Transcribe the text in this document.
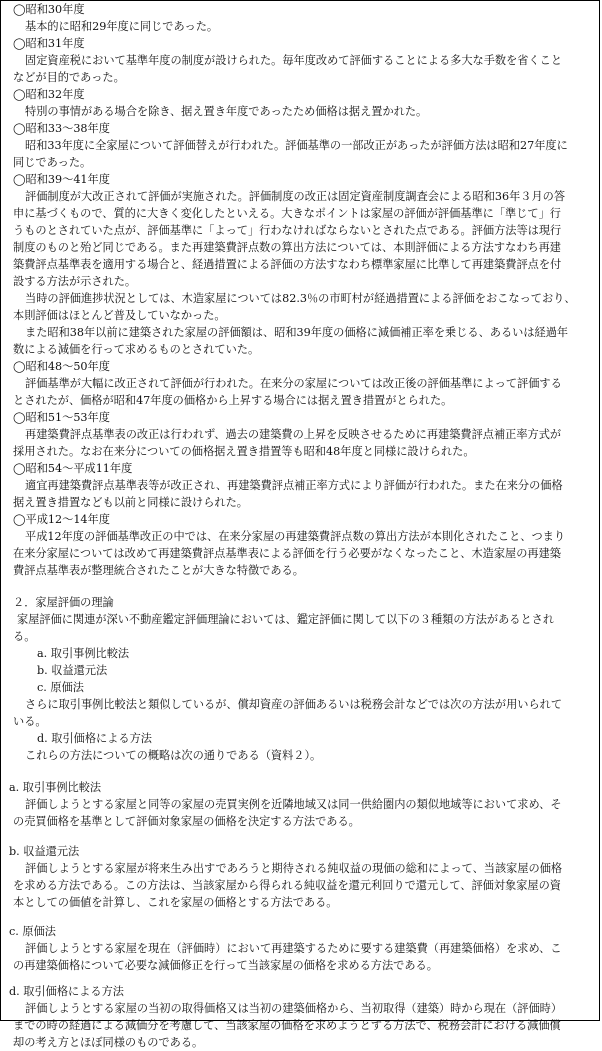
◯昭和30年度
基本的に昭和29年度に同じであった。
◯昭和31年度
固定資産税において基準年度の制度が設けられた。毎年度改めて評価することによる多大な手数を省くこと
などが目的であった。
◯昭和32年度
特別の事情がある場合を除き、据え置き年度であったため価格は据え置かれた。
◯昭和33～38年度
昭和33年度に全家屋について評価替えが行われた。評価基準の一部改正があったが評価方法は昭和27年度に
同じであった。
◯昭和39～41年度
評価制度が大改正されて評価が実施された。評価制度の改正は固定資産制度調査会による昭和36年３月の答
申に基づくもので、質的に大きく変化したといえる。大きなポイントは家屋の評価が評価基準に「準じて」行
うものとされていた点が、評価基準に「よって」行わなければならないとされた点である。評価方法等は現行
制度のものと殆ど同じである。また再建築費評点数の算出方法については、本則評価による方法すなわち再建
築費評点基準表を適用する場合と、経過措置による評価の方法すなわち標準家屋に比準して再建築費評点を付
設する方法が示された。
当時の評価進捗状況としては、木造家屋については82.3％の市町村が経過措置による評価をおこなっており、
本則評価はほとんど普及していなかった。
また昭和38年以前に建築された家屋の評価額は、昭和39年度の価格に減価補正率を乗じる、あるいは経過年
数による減価を行って求めるものとされていた。
◯昭和48～50年度
評価基準が大幅に改正されて評価が行われた。在来分の家屋については改正後の評価基準によって評価する
とされたが、価格が昭和47年度の価格から上昇する場合には据え置き措置がとられた。
◯昭和51～53年度
再建築費評点基準表の改正は行われず、過去の建築費の上昇を反映させるために再建築費評点補正率方式が
採用された。なお在来分についての価格据え置き措置等も昭和48年度と同様に設けられた。
◯昭和54～平成11年度
適宜再建築費評点基準表等が改正され、再建築費評点補正率方式により評価が行われた。また在来分の価格
据え置き措置なども以前と同様に設けられた。
◯平成12～14年度
平成12年度の評価基準改正の中では、在来分家屋の再建築費評点数の算出方法が本則化されたこと、つまり
在来分家屋については改めて再建築費評点基準表による評価を行う必要がなくなったこと、木造家屋の再建築
費評点基準表が整理統合されたことが大きな特徴である。
２．家屋評価の理論
家屋評価に関連が深い不動産鑑定評価理論においては、鑑定評価に関して以下の３種類の方法があるとされ
る。
a. 取引事例比較法
b. 収益還元法
c. 原価法
さらに取引事例比較法と類似しているが、償却資産の評価あるいは税務会計などでは次の方法が用いられて
いる。
d. 取引価格による方法
これらの方法についての概略は次の通りである（資料２）。
a. 取引事例比較法
評価しようとする家屋と同等の家屋の売買実例を近隣地域又は同一供給圏内の類似地域等において求め、そ
の売買価格を基準として評価対象家屋の価格を決定する方法である。
b. 収益還元法
評価しようとする家屋が将来生み出すであろうと期待される純収益の現価の総和によって、当該家屋の価格
を求める方法である。この方法は、当該家屋から得られる純収益を還元利回りで還元して、評価対象家屋の資
本としての価値を計算し、これを家屋の価格とする方法である。
c. 原価法
評価しようとする家屋を現在（評価時）において再建築するために要する建築費（再建築価格）を求め、こ
の再建築価格について必要な減価修正を行って当該家屋の価格を求める方法である。
d. 取引価格による方法
評価しようとする家屋の当初の取得価格又は当初の建築価格から、当初取得（建築）時から現在（評価時）
までの時の経過による減価分を考慮して、当該家屋の価格を求めようとする方法で、税務会計における減価償
却の考え方とほぼ同様のものである。
